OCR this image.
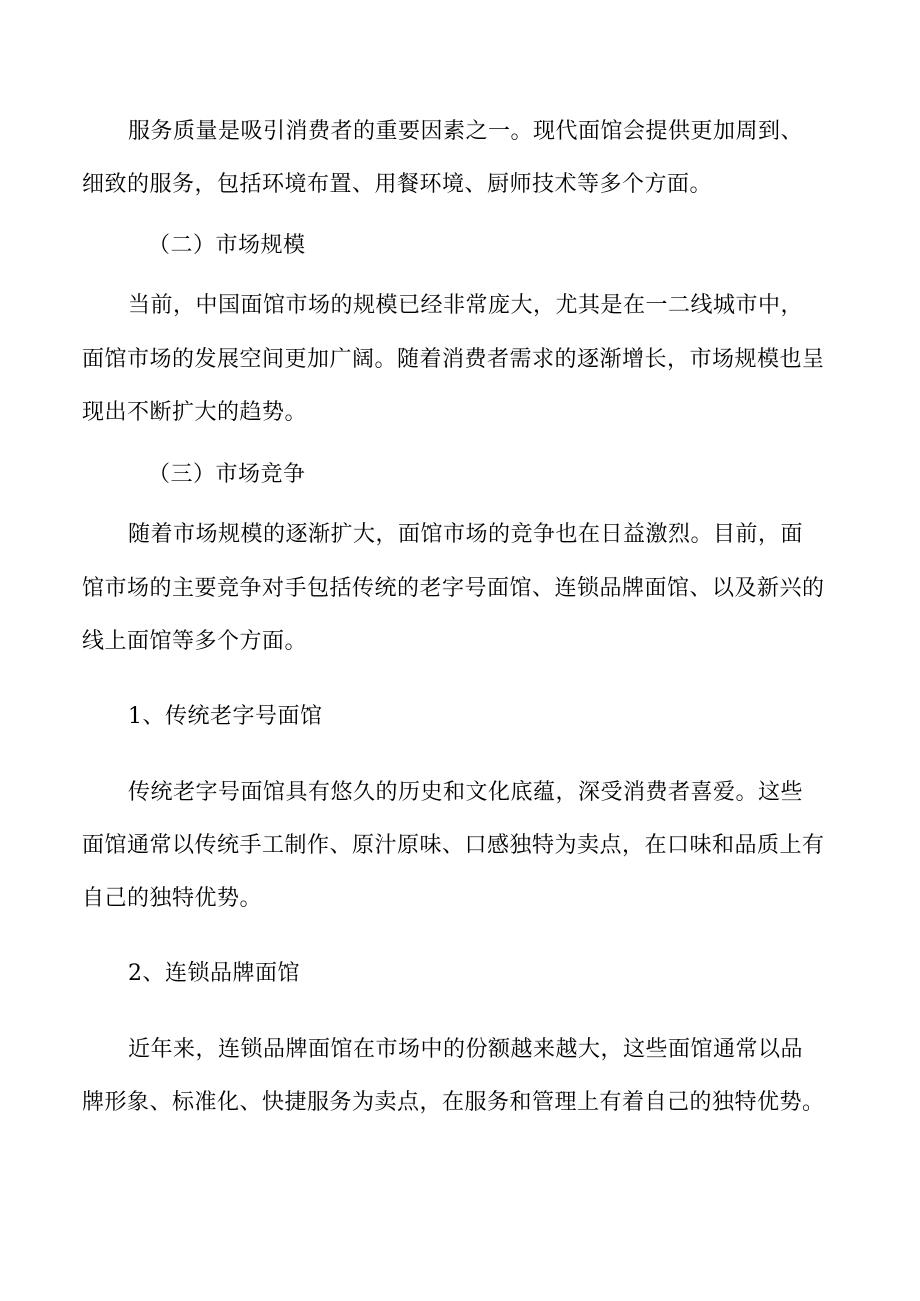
服务质量是吸引消费者的重要因素之一。现代面馆会提供更加周到、
细致的服务，包括环境布置、用餐环境、厨师技术等多个方面。
（二）市场规模
当前，中国面馆市场的规模已经非常庞大，尤其是在一二线城市中，
面馆市场的发展空间更加广阔。随着消费者需求的逐渐增长，市场规模也呈
现出不断扩大的趋势。
（三）市场竞争
随着市场规模的逐渐扩大，面馆市场的竞争也在日益激烈。目前，面
馆市场的主要竞争对手包括传统的老字号面馆、连锁品牌面馆、以及新兴的
线上面馆等多个方面。
1、传统老字号面馆
传统老字号面馆具有悠久的历史和文化底蕴，深受消费者喜爱。这些
面馆通常以传统手工制作、原汁原味、口感独特为卖点，在口味和品质上有
自己的独特优势。
2、连锁品牌面馆
近年来，连锁品牌面馆在市场中的份额越来越大，这些面馆通常以品
牌形象、标准化、快捷服务为卖点，在服务和管理上有着自己的独特优势。
